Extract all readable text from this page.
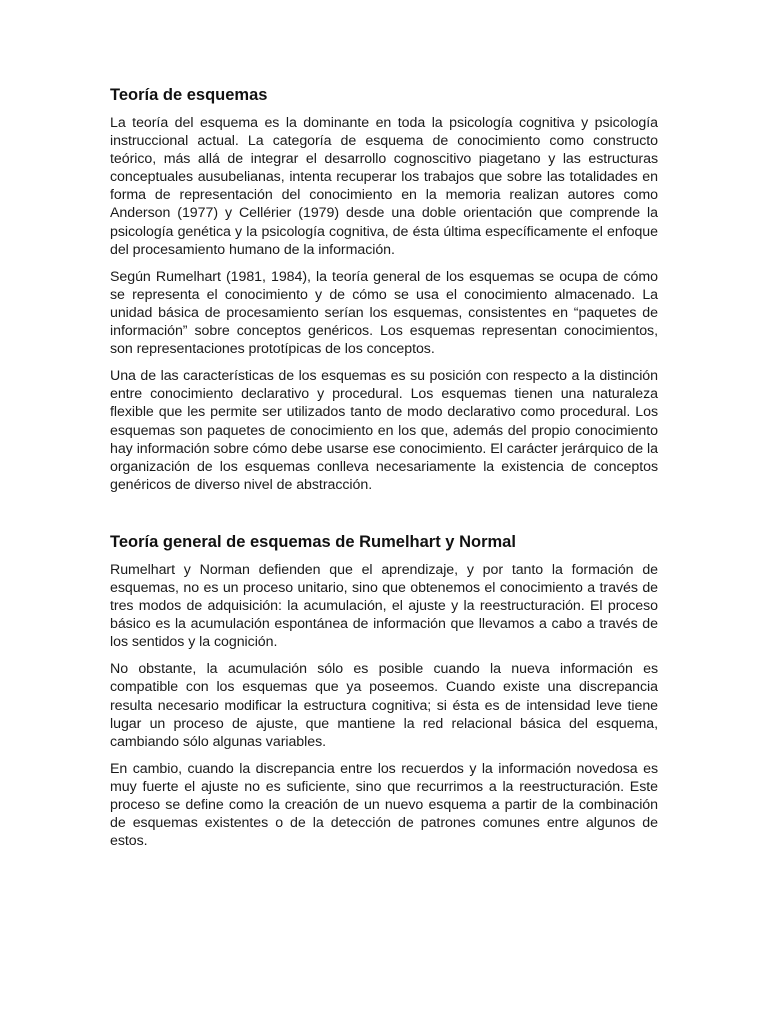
Teoría de esquemas

La teoría del esquema es la dominante en toda la psicología cognitiva y psicología instruccional actual. La categoría de esquema de conocimiento como constructo teórico, más allá de integrar el desarrollo cognoscitivo piagetano y las estructuras conceptuales ausubelianas, intenta recuperar los trabajos que sobre las totalidades en forma de representación del conocimiento en la memoria realizan autores como Anderson (1977) y Cellérier (1979) desde una doble orientación que comprende la psicología genética y la psicología cognitiva, de ésta última específicamente el enfoque del procesamiento humano de la información.

Según Rumelhart (1981, 1984), la teoría general de los esquemas se ocupa de cómo se representa el conocimiento y de cómo se usa el conocimiento almacenado. La unidad básica de procesamiento serían los esquemas, consistentes en “paquetes de información” sobre conceptos genéricos. Los esquemas representan conocimientos, son representaciones prototípicas de los conceptos.

Una de las características de los esquemas es su posición con respecto a la distinción entre conocimiento declarativo y procedural. Los esquemas tienen una naturaleza flexible que les permite ser utilizados tanto de modo declarativo como procedural. Los esquemas son paquetes de conocimiento en los que, además del propio conocimiento hay información sobre cómo debe usarse ese conocimiento. El carácter jerárquico de la organización de los esquemas conlleva necesariamente la existencia de conceptos genéricos de diverso nivel de abstracción.

Teoría general de esquemas de Rumelhart y Normal

Rumelhart y Norman defienden que el aprendizaje, y por tanto la formación de esquemas, no es un proceso unitario, sino que obtenemos el conocimiento a través de tres modos de adquisición: la acumulación, el ajuste y la reestructuración. El proceso básico es la acumulación espontánea de información que llevamos a cabo a través de los sentidos y la cognición.

No obstante, la acumulación sólo es posible cuando la nueva información es compatible con los esquemas que ya poseemos. Cuando existe una discrepancia resulta necesario modificar la estructura cognitiva; si ésta es de intensidad leve tiene lugar un proceso de ajuste, que mantiene la red relacional básica del esquema, cambiando sólo algunas variables.

En cambio, cuando la discrepancia entre los recuerdos y la información novedosa es muy fuerte el ajuste no es suficiente, sino que recurrimos a la reestructuración. Este proceso se define como la creación de un nuevo esquema a partir de la combinación de esquemas existentes o de la detección de patrones comunes entre algunos de estos.
